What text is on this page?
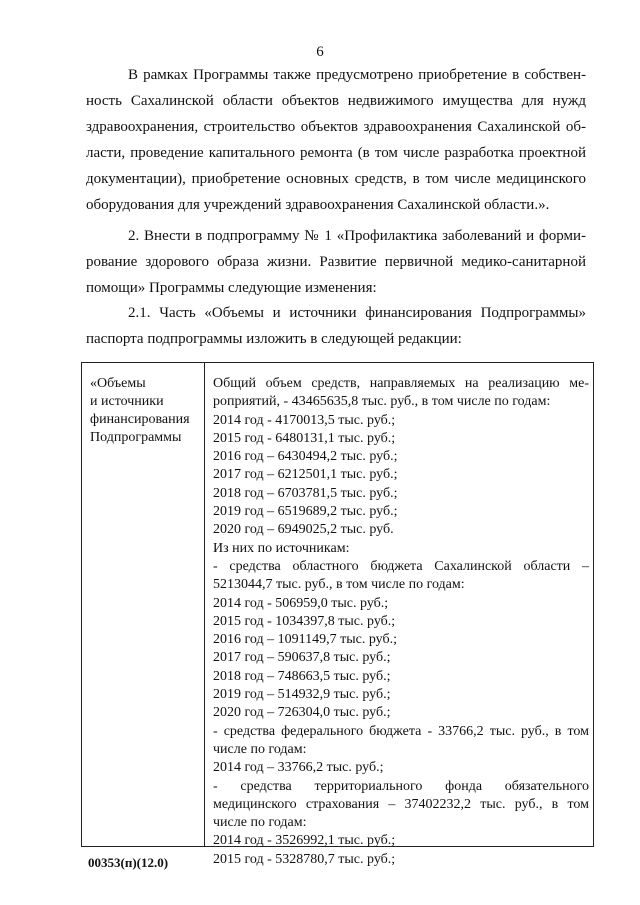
6
В рамках Программы также предусмотрено приобретение в собствен-
ность Сахалинской области объектов недвижимого имущества для нужд
здравоохранения, строительство объектов здравоохранения Сахалинской об-
ласти, проведение капитального ремонта (в том числе разработка проектной
документации), приобретение основных средств, в том числе медицинского
оборудования для учреждений здравоохранения Сахалинской области.».
2. Внести в подпрограмму № 1 «Профилактика заболеваний и форми-
рование здорового образа жизни. Развитие первичной медико-санитарной
помощи» Программы следующие изменения:
2.1. Часть «Объемы и источники финансирования Подпрограммы»
паспорта подпрограммы изложить в следующей редакции:
«Объемы
и источники
финансирования
Подпрограммы
Общий объем средств, направляемых на реализацию ме-
роприятий, - 43465635,8 тыс. руб., в том числе по годам:
2014 год - 4170013,5 тыс. руб.;
2015 год - 6480131,1 тыс. руб.;
2016 год – 6430494,2 тыс. руб.;
2017 год – 6212501,1 тыс. руб.;
2018 год – 6703781,5 тыс. руб.;
2019 год – 6519689,2 тыс. руб.;
2020 год – 6949025,2 тыс. руб.
Из них по источникам:
- средства областного бюджета Сахалинской области –
5213044,7 тыс. руб., в том числе по годам:
2014 год - 506959,0 тыс. руб.;
2015 год - 1034397,8 тыс. руб.;
2016 год – 1091149,7 тыс. руб.;
2017 год – 590637,8 тыс. руб.;
2018 год – 748663,5 тыс. руб.;
2019 год – 514932,9 тыс. руб.;
2020 год – 726304,0 тыс. руб.;
- средства федерального бюджета - 33766,2 тыс. руб., в том
числе по годам:
2014 год – 33766,2 тыс. руб.;
- средства территориального фонда обязательного
медицинского страхования – 37402232,2 тыс. руб., в том
числе по годам:
2014 год - 3526992,1 тыс. руб.;
2015 год - 5328780,7 тыс. руб.;
00353(п)(12.0)
